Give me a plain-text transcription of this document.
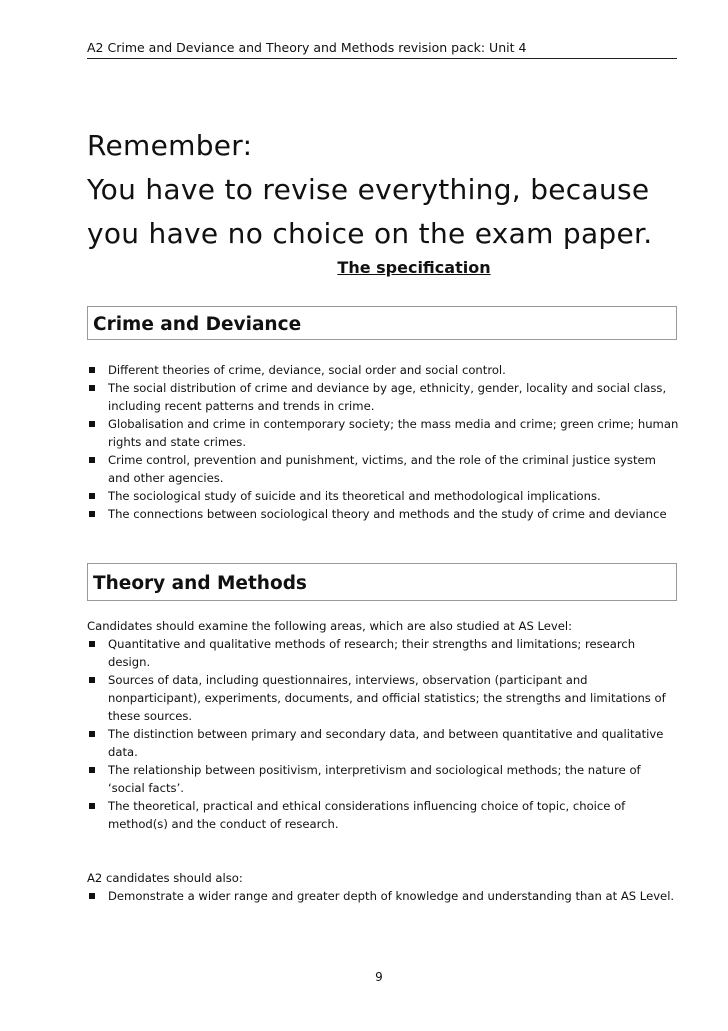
A2 Crime and Deviance and Theory and Methods revision pack: Unit 4
Remember:
You have to revise everything, because
you have no choice on the exam paper.
The specification
Crime and Deviance
Different theories of crime, deviance, social order and social control.
The social distribution of crime and deviance by age, ethnicity, gender, locality and social class, including recent patterns and trends in crime.
Globalisation and crime in contemporary society; the mass media and crime; green crime; human rights and state crimes.
Crime control, prevention and punishment, victims, and the role of the criminal justice system and other agencies.
The sociological study of suicide and its theoretical and methodological implications.
The connections between sociological theory and methods and the study of crime and deviance
Theory and Methods
Candidates should examine the following areas, which are also studied at AS Level:
Quantitative and qualitative methods of research; their strengths and limitations; research design.
Sources of data, including questionnaires, interviews, observation (participant and nonparticipant), experiments, documents, and official statistics; the strengths and limitations of these sources.
The distinction between primary and secondary data, and between quantitative and qualitative data.
The relationship between positivism, interpretivism and sociological methods; the nature of ‘social facts’.
The theoretical, practical and ethical considerations influencing choice of topic, choice of method(s) and the conduct of research.
A2 candidates should also:
Demonstrate a wider range and greater depth of knowledge and understanding than at AS Level.
9
